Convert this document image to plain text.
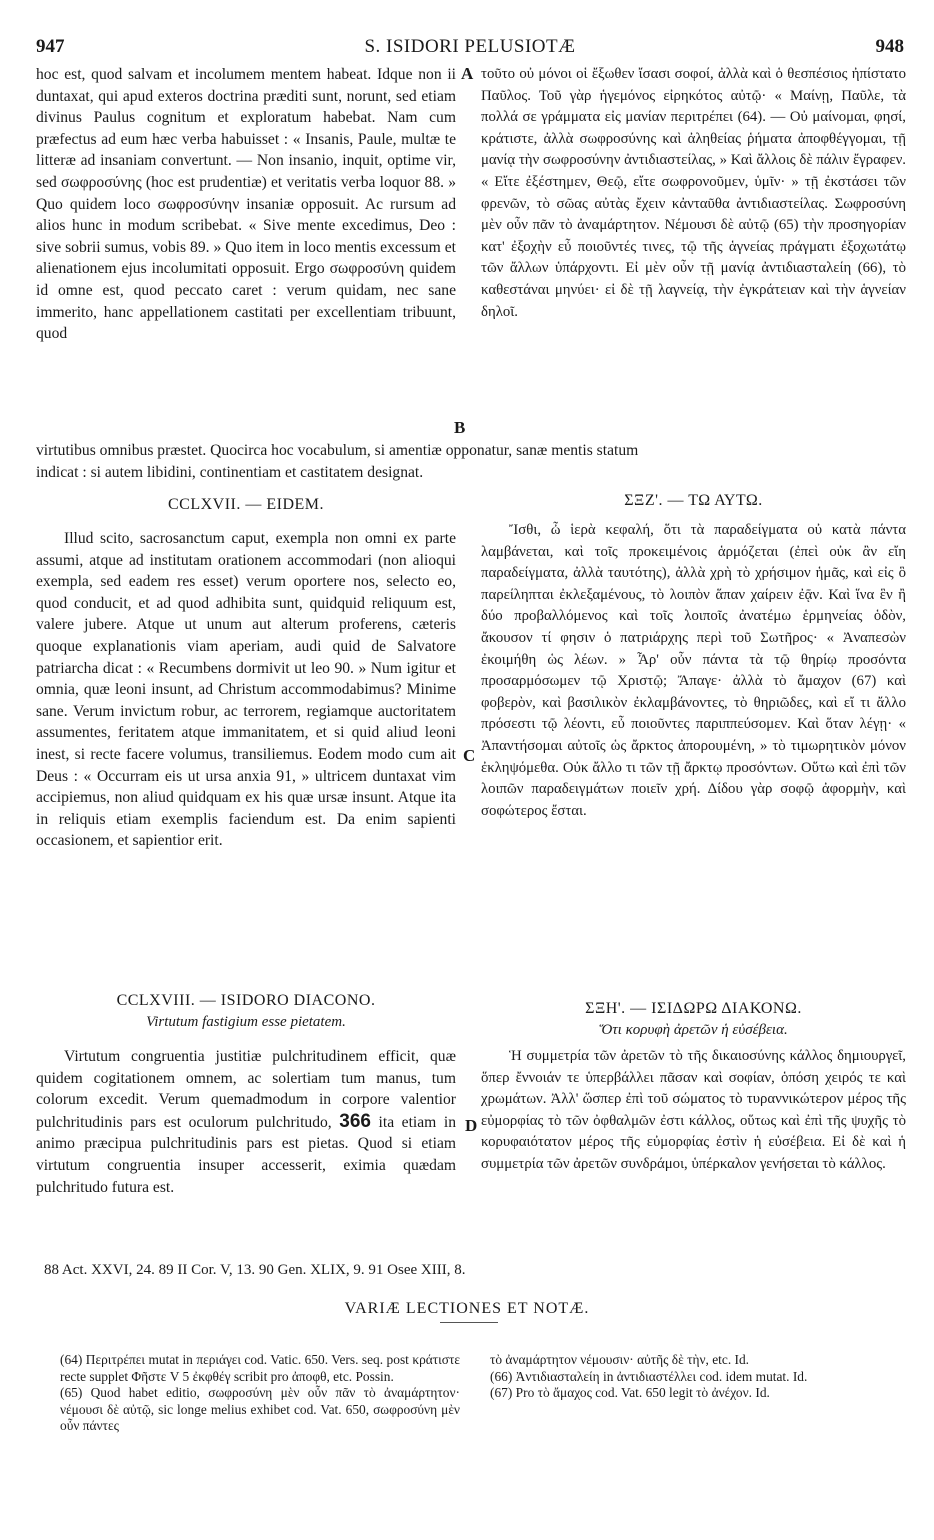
947	S. ISIDORI PELUSIOTÆ	948
hoc est, quod salvam et incolumem mentem habeat. Idque non ii duntaxat, qui apud exteros doctrina præditi sunt, norunt, sed etiam divinus Paulus cognitum et exploratum habebat. Nam cum præfectus ad eum hæc verba habuisset : « Insanis, Paule, multæ te litteræ ad insaniam convertunt. — Non insanio, inquit, optime vir, sed σωφροσύνης (hoc est prudentiæ) et veritatis verba loquor 88. » Quo quidem loco σωφροσύνην insaniæ opposuit. Ac rursum ad alios hunc in modum scribebat. « Sive mente excedimus, Deo : sive sobrii sumus, vobis 89. » Quo item in loco mentis excessum et alienationem ejus incolumitati opposuit. Ergo σωφροσύνη quidem id omne est, quod peccato caret : verum quidam, nec sane immerito, hanc appellationem castitati per excellentiam tribuunt, quod
A
B
τοῦτο οὐ μόνοι οἱ ἔξωθεν ἴσασι σοφοί, ἀλλὰ καὶ ὁ θεσπέσιος ἠπίστατο Παῦλος. Τοῦ γὰρ ἡγεμόνος εἰρηκότος αὐτῷ· « Μαίνῃ, Παῦλε, τὰ πολλά σε γράμματα εἰς μανίαν περιτρέπει (64). — Οὐ μαίνομαι, φησί, κράτιστε, ἀλλὰ σωφροσύνης καὶ ἀληθείας ῥήματα ἀποφθέγγομαι, τῇ μανίᾳ τὴν σωφροσύνην ἀντιδιαστείλας, » Καὶ ἄλλοις δὲ πάλιν ἔγραφεν. « Εἴτε ἐξέστημεν, Θεῷ, εἴτε σωφρονοῦμεν, ὑμῖν· » τῇ ἐκστάσει τῶν φρενῶν, τὸ σῶας αὐτὰς ἔχειν κἀνταῦθα ἀντιδιαστείλας. Σωφροσύνη μὲν οὖν πᾶν τὸ ἀναμάρτητον. Νέμουσι δὲ αὐτῷ (65) τὴν προσηγορίαν κατ' ἐξοχὴν εὖ ποιοῦντές τινες, τῷ τῆς ἁγνείας πράγματι ἐξοχωτάτῳ τῶν ἄλλων ὑπάρχοντι. Εἰ μὲν οὖν τῇ μανίᾳ ἀντιδιασταλείη (66), τὸ καθεστάναι μηνύει· εἰ δὲ τῇ λαγνείᾳ, τὴν ἐγκράτειαν καὶ τὴν ἁγνείαν δηλοῖ.
virtutibus omnibus præstet. Quocirca hoc vocabulum, si amentiæ opponatur, sanæ mentis statum
indicat : si autem libidini, continentiam et castitatem designat.
CCLXVII. — EIDEM.	ΣΞΖ'. — ΤΩ ΑΥΤΩ.
Illud scito, sacrosanctum caput, exempla non omni ex parte assumi, atque ad institutam orationem accommodari (non alioqui exempla, sed eadem res esset) verum oportere nos, selecto eo, quod conducit, et ad quod adhibita sunt, quidquid reliquum est, valere jubere. Atque ut unum aut alterum proferens, cæteris quoque explanationis viam aperiam, audi quid de Salvatore patriarcha dicat : « Recumbens dormivit ut leo 90. » Num igitur et omnia, quæ leoni insunt, ad Christum accommodabimus? Minime sane. Verum invictum robur, ac terrorem, regiamque auctoritatem assumentes, feritatem atque immanitatem, et si quid aliud leoni inest, si recte facere volumus, transiliemus. Eodem modo cum ait Deus : « Occurram eis ut ursa anxia 91, » ultricem duntaxat vim accipiemus, non aliud quidquam ex his quæ ursæ insunt. Atque ita in reliquis etiam exemplis faciendum est. Da enim sapienti occasionem, et sapientior erit.
C
Ἴσθι, ὦ ἱερὰ κεφαλή, ὅτι τὰ παραδείγματα οὐ κατὰ πάντα λαμβάνεται, καὶ τοῖς προκειμένοις ἁρμόζεται (ἐπεὶ οὐκ ἂν εἴη παραδείγματα, ἀλλὰ ταυτότης), ἀλλὰ χρὴ τὸ χρήσιμον ἡμᾶς, καὶ εἰς ὃ παρείληπται ἐκλεξαμένους, τὸ λοιπὸν ἅπαν χαίρειν ἐᾷν. Καὶ ἵνα ἓν ἢ δύο προβαλλόμενος καὶ τοῖς λοιποῖς ἀνατέμω ἑρμηνείας ὁδὸν, ἄκουσον τί φησιν ὁ πατριάρχης περὶ τοῦ Σωτῆρος· « Ἀναπεσὼν ἐκοιμήθη ὡς λέων. » Ἆρ' οὖν πάντα τὰ τῷ θηρίῳ προσόντα προσαρμόσωμεν τῷ Χριστῷ; Ἄπαγε· ἀλλὰ τὸ ἄμαχον (67) καὶ φοβερὸν, καὶ βασιλικὸν ἐκλαμβάνοντες, τὸ θηριῶδες, καὶ εἴ τι ἄλλο πρόσεστι τῷ λέοντι, εὖ ποιοῦντες παριππεύσομεν. Καὶ ὅταν λέγῃ· « Ἀπαντήσομαι αὐτοῖς ὡς ἄρκτος ἀπορουμένη, » τὸ τιμωρητικὸν μόνον ἐκληψόμεθα. Οὐκ ἄλλο τι τῶν τῇ ἄρκτῳ προσόντων. Οὕτω καὶ ἐπὶ τῶν λοιπῶν παραδειγμάτων ποιεῖν χρή. Δίδου γὰρ σοφῷ ἀφορμὴν, καὶ σοφώτερος ἔσται.
CCLXVIII. — ISIDORO DIACONO.
Virtutum fastigium esse pietatem.
ΣΞΗ'. — ΙΣΙΔΩΡΩ ΔΙΑΚΟΝΩ.
Ὅτι κορυφὴ ἀρετῶν ἡ εὐσέβεια.
Virtutum congruentia justitiæ pulchritudinem efficit, quæ quidem cogitationem omnem, ac solertiam tum manus, tum colorum excedit. Verum quemadmodum in corpore valentior pulchritudinis pars est oculorum pulchritudo, 366 ita etiam in animo præcipua pulchritudinis pars est pietas. Quod si etiam virtutum congruentia insuper accesserit, eximia quædam pulchritudo futura est.
D
Ἡ συμμετρία τῶν ἀρετῶν τὸ τῆς δικαιοσύνης κάλλος δημιουργεῖ, ὅπερ ἔννοιάν τε ὑπερβάλλει πᾶσαν καὶ σοφίαν, ὁπόση χειρός τε καὶ χρωμάτων. Ἀλλ' ὥσπερ ἐπὶ τοῦ σώματος τὸ τυραννικώτερον μέρος τῆς εὐμορφίας τὸ τῶν ὀφθαλμῶν ἐστι κάλλος, οὕτως καὶ ἐπὶ τῆς ψυχῆς τὸ κορυφαιότατον μέρος τῆς εὐμορφίας ἐστὶν ἡ εὐσέβεια. Εἰ δὲ καὶ ἡ συμμετρία τῶν ἀρετῶν συνδράμοι, ὑπέρκαλον γενήσεται τὸ κάλλος.
88 Act. XXVI, 24. 89 II Cor. V, 13. 90 Gen. XLIX, 9. 91 Osee XIII, 8.
VARIÆ LECTIONES ET NOTÆ.
(64) Περιτρέπει mutat in περιάγει cod. Vatic. 650. Vers. seq. post κράτιστε recte supplet Φῆστε V 5 ἐκφθέγ scribit pro ἀποφθ, etc. Possin.
(65) Quod habet editio, σωφροσύνη μὲν οὖν πᾶν τὸ ἀναμάρτητον· νέμουσι δὲ αὐτῷ, sic longe melius exhibet cod. Vat. 650, σωφροσύνη μὲν οὖν πάντες
τὸ ἀναμάρτητον νέμουσιν· αὐτῆς δὲ τὴν, etc. Id.
(66) Ἀντιδιασταλείη in ἀντιδιαστέλλει cod. idem mutat. Id.
(67) Pro τὸ ἄμαχος cod. Vat. 650 legit τὸ ἀνέχον. Id.
